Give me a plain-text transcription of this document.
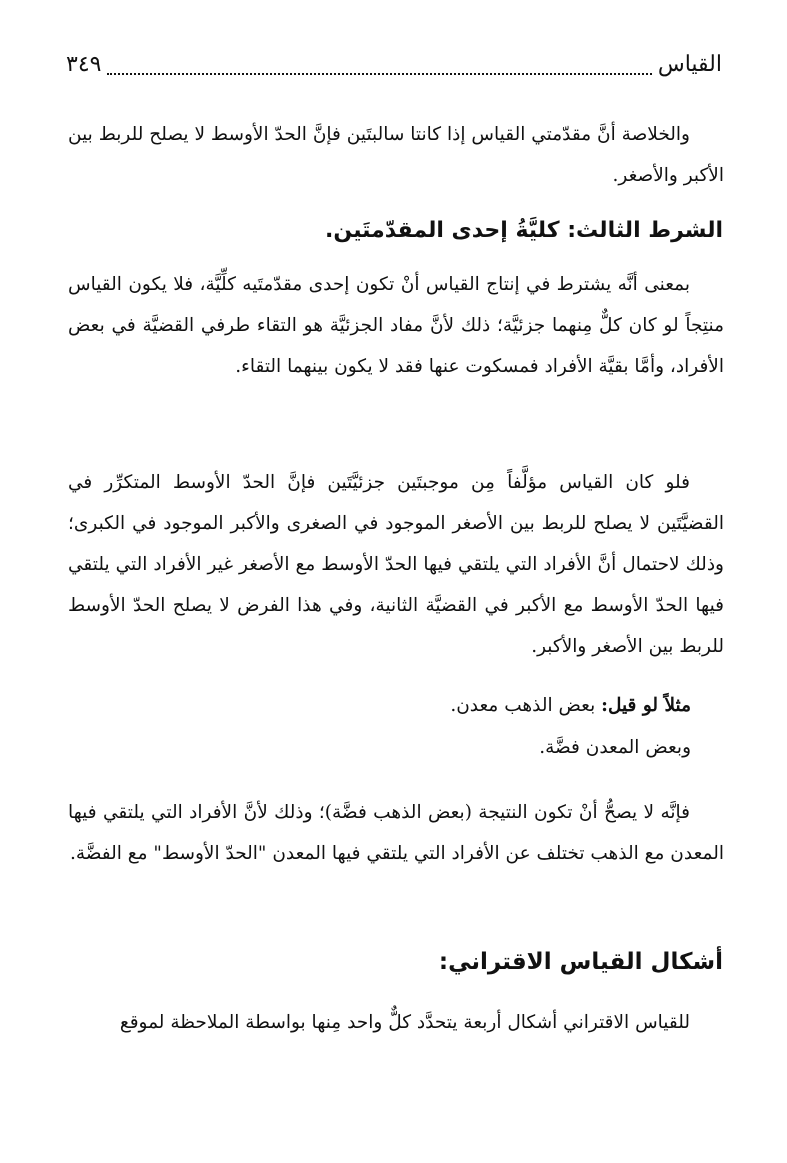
القياس
٣٤٩

والخلاصة أنَّ مقدّمتي القياس إذا كانتا سالبتَين فإنَّ الحدّ الأوسط لا يصلح للربط بين الأكبر والأصغر.

الشرط الثالث: كليَّةُ إحدى المقدّمتَين.

بمعنى أنَّه يشترط في إنتاج القياس أنْ تكون إحدى مقدّمتَيه كلِّيَّة، فلا يكون القياس منتِجاً لو كان كلٌّ مِنهما جزئيَّة؛ ذلك لأنَّ مفاد الجزئيَّة هو التقاء طرفي القضيَّة في بعض الأفراد، وأمَّا بقيَّة الأفراد فمسكوت عنها فقد لا يكون بينهما التقاء.

فلو كان القياس مؤلَّفاً مِن موجبتَين جزئيَّتَين فإنَّ الحدّ الأوسط المتكرِّر في القضيَّتَين لا يصلح للربط بين الأصغر الموجود في الصغرى والأكبر الموجود في الكبرى؛ وذلك لاحتمال أنَّ الأفراد التي يلتقي فيها الحدّ الأوسط مع الأصغر غير الأفراد التي يلتقي فيها الحدّ الأوسط مع الأكبر في القضيَّة الثانية، وفي هذا الفرض لا يصلح الحدّ الأوسط للربط بين الأصغر والأكبر.

مثلاً لو قيل: بعض الذهب معدن.
وبعض المعدن فضَّة.

فإنَّه لا يصحُّ أنْ تكون النتيجة (بعض الذهب فضَّة)؛ وذلك لأنَّ الأفراد التي يلتقي فيها المعدن مع الذهب تختلف عن الأفراد التي يلتقي فيها المعدن "الحدّ الأوسط" مع الفضَّة.

أشكال القياس الاقتراني:

للقياس الاقتراني أشكال أربعة يتحدَّد كلٌّ واحد مِنها بواسطة الملاحظة لموقع
